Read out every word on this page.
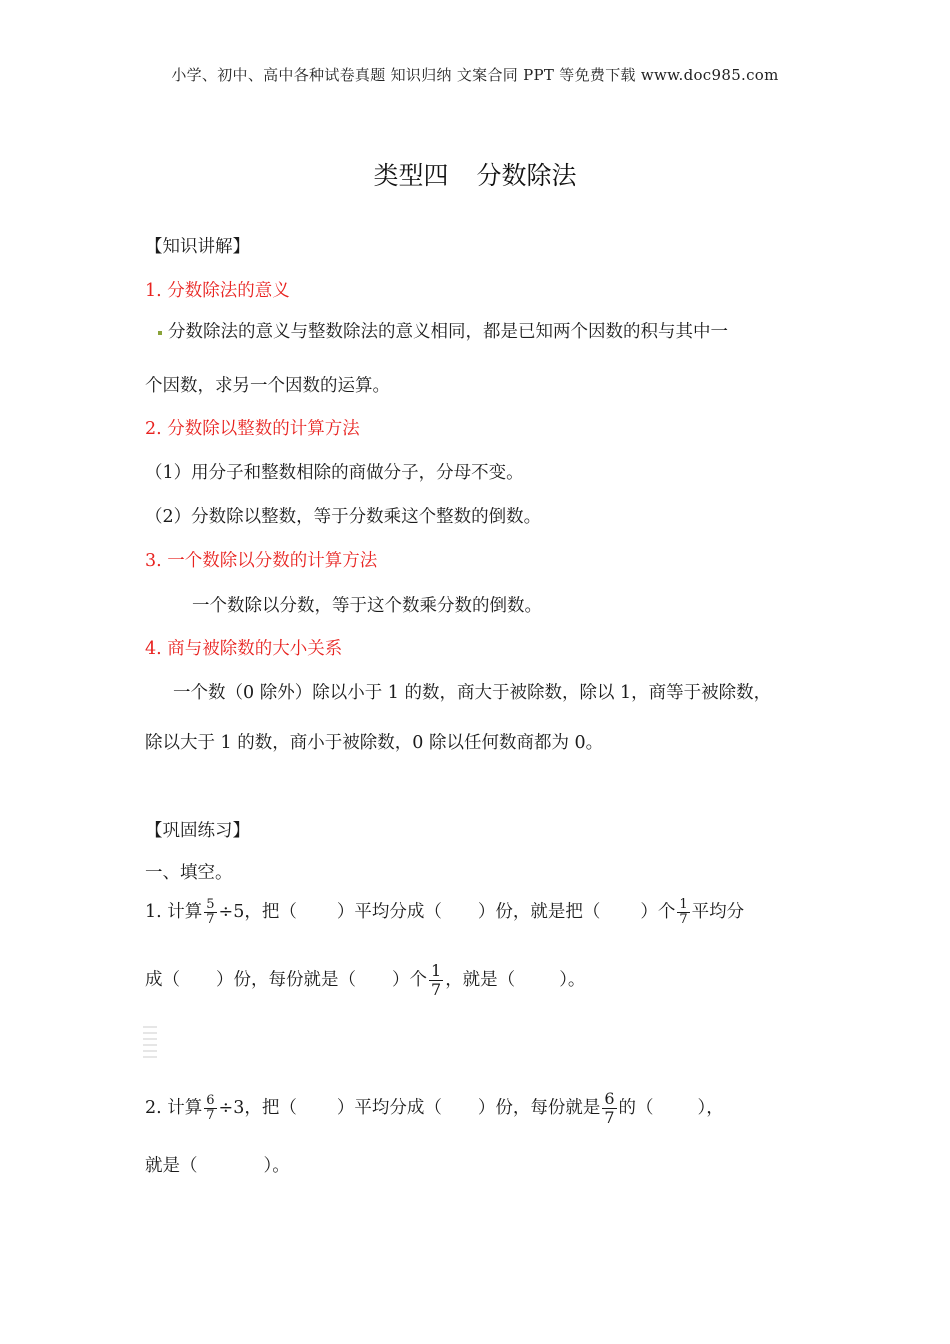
小学、初中、高中各种试卷真题 知识归纳 文案合同 PPT 等免费下载 www.doc985.com
类型四 分数除法
【知识讲解】
1. 分数除法的意义
分数除法的意义与整数除法的意义相同，都是已知两个因数的积与其中一
个因数，求另一个因数的运算。
2. 分数除以整数的计算方法
（1）用分子和整数相除的商做分子，分母不变。
（2）分数除以整数，等于分数乘这个整数的倒数。
3. 一个数除以分数的计算方法
一个数除以分数，等于这个数乘分数的倒数。
4. 商与被除数的大小关系
一个数（0 除外）除以小于 1 的数，商大于被除数，除以 1，商等于被除数，
除以大于 1 的数，商小于被除数，0 除以任何数商都为 0。
【巩固练习】
一、填空。
1. 计算 $\frac{5}{7} \div 5$，把（ ）平均分成（ ）份，就是把（ ）个 $\frac{1}{7}$ 平均分
成（ ）份，每份就是（ ）个 $\frac{1}{7}$ ，就是（	）。
2. 计算 $\frac{6}{7} \div 3$，把（ ）平均分成（ ）份，每份就是 $\frac{6}{7}$ 的（	），
就是（	）。
